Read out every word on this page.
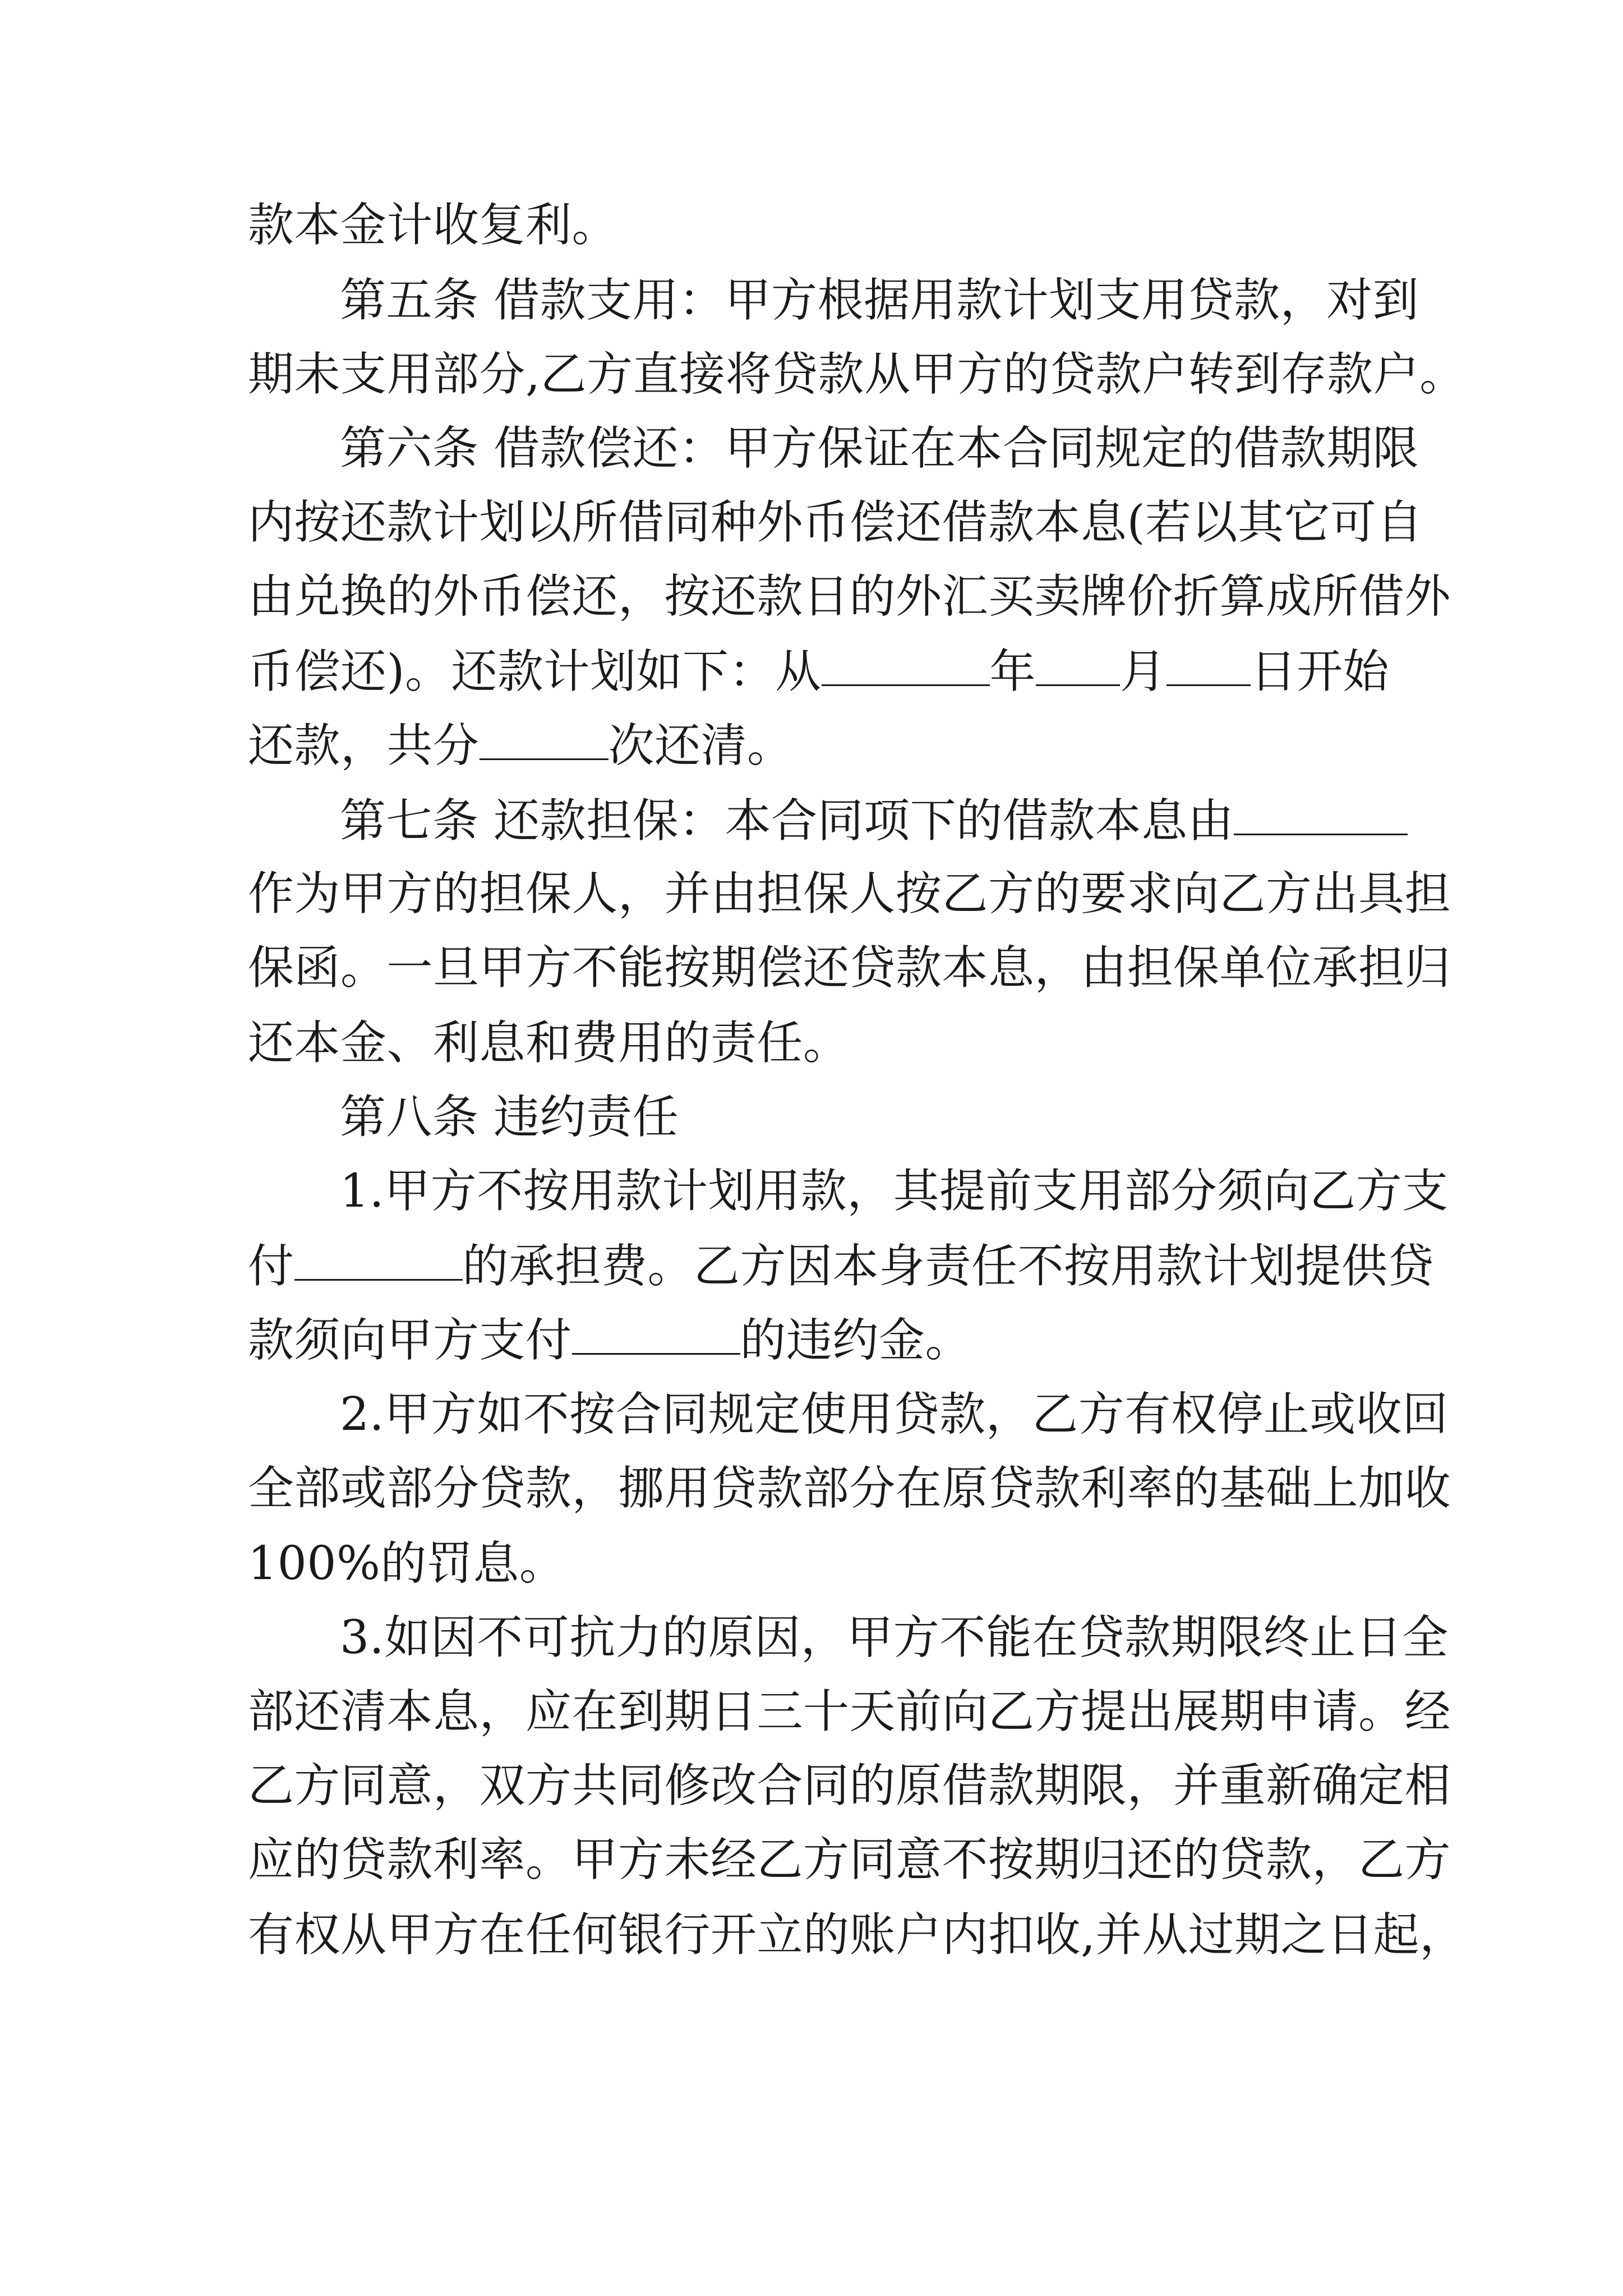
款本金计收复利。
第五条 借款支用：甲方根据用款计划支用贷款，对到
期未支用部分,乙方直接将贷款从甲方的贷款户转到存款户。
第六条 借款偿还：甲方保证在本合同规定的借款期限
内按还款计划以所借同种外币偿还借款本息(若以其它可自
由兑换的外币偿还，按还款日的外汇买卖牌价折算成所借外
币偿还)。还款计划如下：从	年 月 日开始
还款，共分	次还清。
第七条 还款担保：本合同项下的借款本息由
作为甲方的担保人，并由担保人按乙方的要求向乙方出具担
保函。一旦甲方不能按期偿还贷款本息，由担保单位承担归
还本金、利息和费用的责任。
第八条 违约责任
1.甲方不按用款计划用款，其提前支用部分须向乙方支
付	的承担费。乙方因本身责任不按用款计划提供贷
款须向甲方支付	的违约金。
2.甲方如不按合同规定使用贷款，乙方有权停止或收回
全部或部分贷款，挪用贷款部分在原贷款利率的基础上加收
100%的罚息。
3.如因不可抗力的原因，甲方不能在贷款期限终止日全
部还清本息，应在到期日三十天前向乙方提出展期申请。经
乙方同意，双方共同修改合同的原借款期限，并重新确定相
应的贷款利率。甲方未经乙方同意不按期归还的贷款，乙方
有权从甲方在任何银行开立的账户内扣收,并从过期之日起，
